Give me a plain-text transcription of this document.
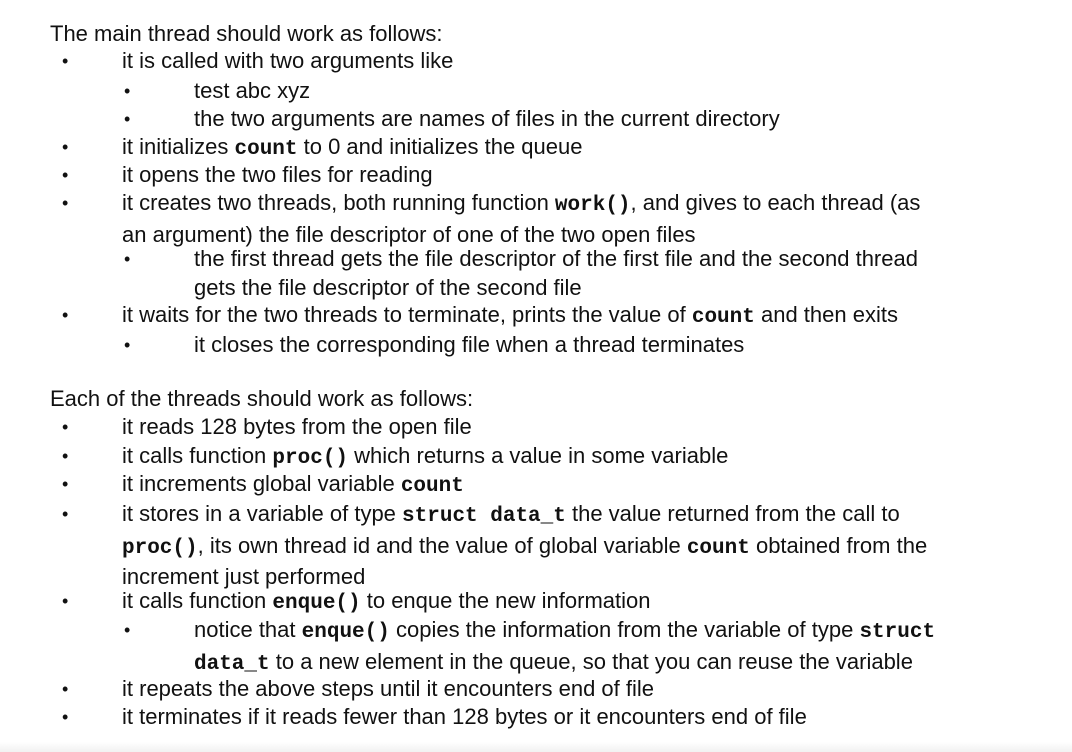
The main thread should work as follows:
• it is called with two arguments like
•	test abc xyz
•	the two arguments are names of files in the current directory
• it initializes count to 0 and initializes the queue
• it opens the two files for reading
• it creates two threads, both running function work(), and gives to each thread (as
an argument) the file descriptor of one of the two open files
•	the first thread gets the file descriptor of the first file and the second thread
gets the file descriptor of the second file
• it waits for the two threads to terminate, prints the value of count and then exits
•	it closes the corresponding file when a thread terminates
Each of the threads should work as follows:
• it reads 128 bytes from the open file
• it calls function proc() which returns a value in some variable
• it increments global variable count
• it stores in a variable of type struct data_t the value returned from the call to
proc(), its own thread id and the value of global variable count obtained from the
increment just performed
• it calls function enque() to enque the new information
•	notice that enque() copies the information from the variable of type struct
data_t to a new element in the queue, so that you can reuse the variable
• it repeats the above steps until it encounters end of file
• it terminates if it reads fewer than 128 bytes or it encounters end of file
